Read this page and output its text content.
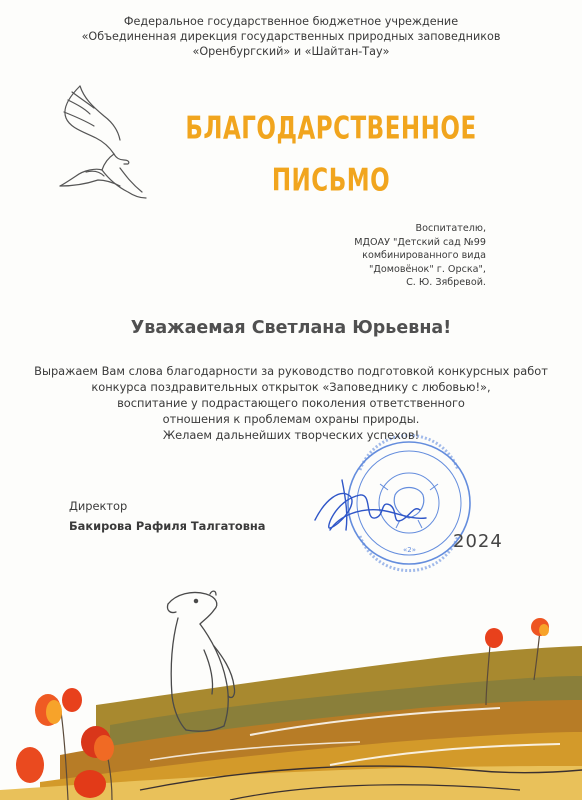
«2»
Федеральное государственное бюджетное учреждение
«Объединенная дирекция государственных природных заповедников
«Оренбургский» и «Шайтан-Тау»
БЛАГОДАРСТВЕННОЕ
ПИСЬМО
Воспитателю,
МДОАУ "Детский сад №99
комбинированного вида
"Домовёнок" г. Орска",
С. Ю. Зябревой.
Уважаемая Светлана Юрьевна!
Выражаем Вам слова благодарности за руководство подготовкой конкурсных работ
конкурса поздравительных открыток «Заповеднику с любовью!»,
воспитание у подрастающего поколения ответственного
отношения к проблемам охраны природы.
Желаем дальнейших творческих успехов!
Директор
Бакирова Рафиля Талгатовна
2024
